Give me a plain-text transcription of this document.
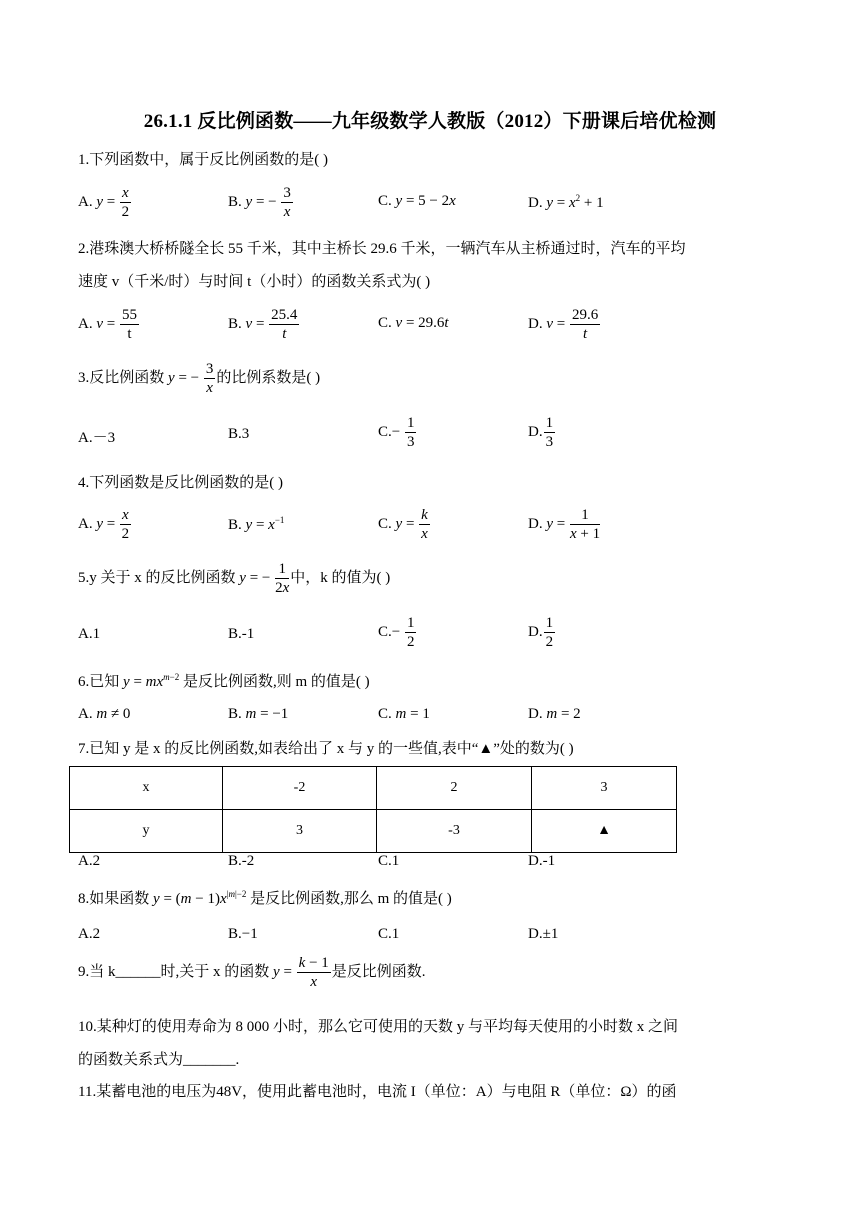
26.1.1 反比例函数——九年级数学人教版（2012）下册课后培优检测
1.下列函数中，属于反比例函数的是( )
A. $y = \frac{x}{2}$	B. y = − $\frac{3}{x}$	C. y = 5 − 2x	D. $y = x^2 + 1$
2.港珠澳大桥桥隧全长 55 千米，其中主桥长 29.6 千米，一辆汽车从主桥通过时，汽车的平均
速度 v（千米/时）与时间 t（小时）的函数关系式为( )
A. $v = \frac{55}{t}$	B. $v = \frac{25.4}{t}$	C. v = 29.6t	D. $v = \frac{29.6}{t}$
3.反比例函数 y = − $\frac{3}{x}$ 的比例系数是( )
A.－3	B.3	$C.- \frac{1}{3}$	D. $\frac{1}{3}$
4.下列函数是反比例函数的是( )
A. $y = \frac{x}{2}$	B. $y = x^{-1}$	C. $y = \frac{k}{x}$	D. $y = \frac{1}{x + 1}$
5.y 关于 x 的反比例函数 y = − $\frac{1}{2x}$ 中，k 的值为( )
A.1	B.-1	$C.- \frac{1}{2}$	D. $\frac{1}{2}$
6.已知 $y = mx^{m-2}$ 是反比例函数,则 m 的值是( )
A. m ≠ 0	B. m = −1	C. m = 1	D. m = 2
7.已知 y 是 x 的反比例函数,如表给出了 x 与 y 的一些值,表中“▲”处的数为( )
x	-2	2	3
y	3	-3	▲
A.2	B.-2	C.1	D.-1
8.如果函数 $y = (m - 1)x^{|m|-2}$ 是反比例函数,那么 m 的值是( )
A.2	B.−1	C.1	D.±1
9.当 k______时,关于 x 的函数 $y = \frac{k - 1}{x}$ 是反比例函数.
10.某种灯的使用寿命为 8 000 小时，那么它可使用的天数 y 与平均每天使用的小时数 x 之间
的函数关系式为_______.
11.某蓄电池的电压为48V，使用此蓄电池时，电流 I（单位：A）与电阻 R（单位：Ω）的函
